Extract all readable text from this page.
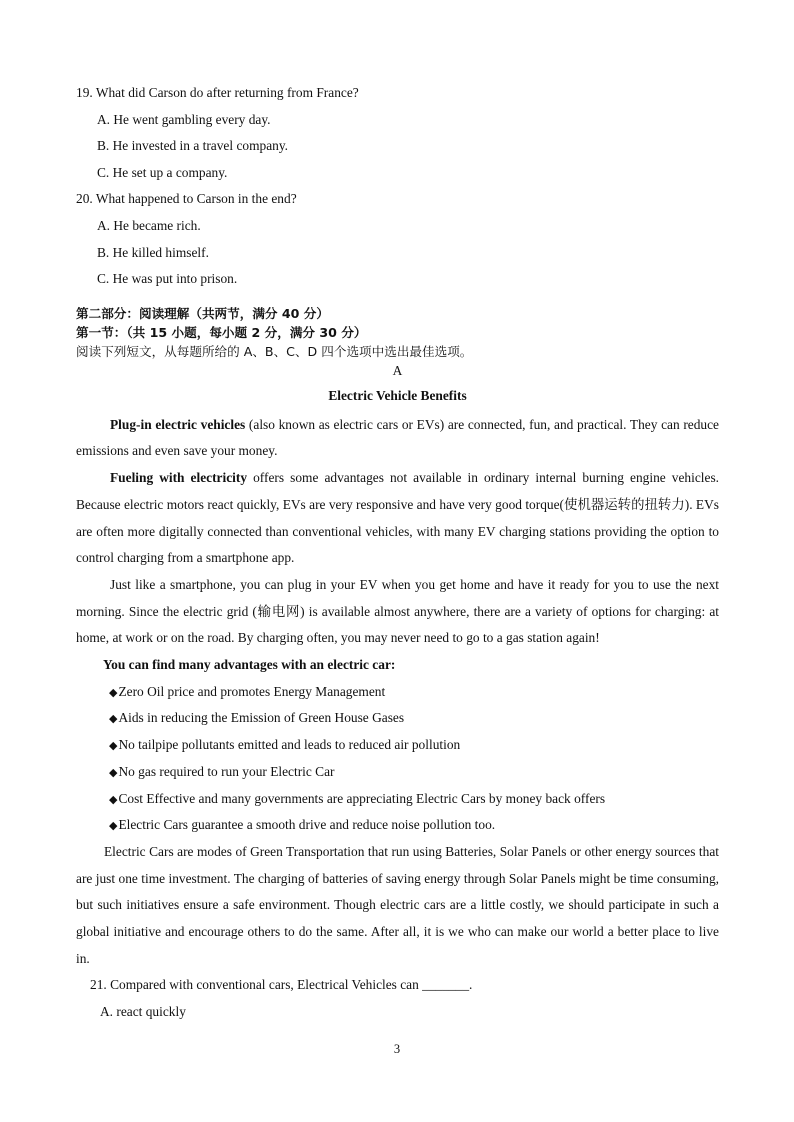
19. What did Carson do after returning from France?

A. He went gambling every day.

B. He invested in a travel company.

C. He set up a company.

20. What happened to Carson in the end?

A. He became rich.

B. He killed himself.

C. He was put into prison.

第二部分：阅读理解（共两节，满分 40 分）

第一节：（共 15 小题，每小题 2 分，满分 30 分）

阅读下列短文，从每题所给的 A、B、C、D 四个选项中选出最佳选项。

A

Electric Vehicle Benefits

Plug-in electric vehicles (also known as electric cars or EVs) are connected, fun, and practical. They can reduce emissions and even save your money.

Fueling with electricity offers some advantages not available in ordinary internal burning engine vehicles. Because electric motors react quickly, EVs are very responsive and have very good torque(使机器运转的扭转力). EVs are often more digitally connected than conventional vehicles, with many EV charging stations providing the option to control charging from a smartphone app.

Just like a smartphone, you can plug in your EV when you get home and have it ready for you to use the next morning. Since the electric grid (输电网) is available almost anywhere, there are a variety of options for charging: at home, at work or on the road. By charging often, you may never need to go to a gas station again!

You can find many advantages with an electric car:

◆Zero Oil price and promotes Energy Management
◆Aids in reducing the Emission of Green House Gases
◆No tailpipe pollutants emitted and leads to reduced air pollution
◆No gas required to run your Electric Car
◆Cost Effective and many governments are appreciating Electric Cars by money back offers
◆Electric Cars guarantee a smooth drive and reduce noise pollution too.

Electric Cars are modes of Green Transportation that run using Batteries, Solar Panels or other energy sources that are just one time investment. The charging of batteries of saving energy through Solar Panels might be time consuming, but such initiatives ensure a safe environment. Though electric cars are a little costly, we should participate in such a global initiative and encourage others to do the same. After all, it is we who can make our world a better place to live in.

21. Compared with conventional cars, Electrical Vehicles can _______.

A. react quickly

3
